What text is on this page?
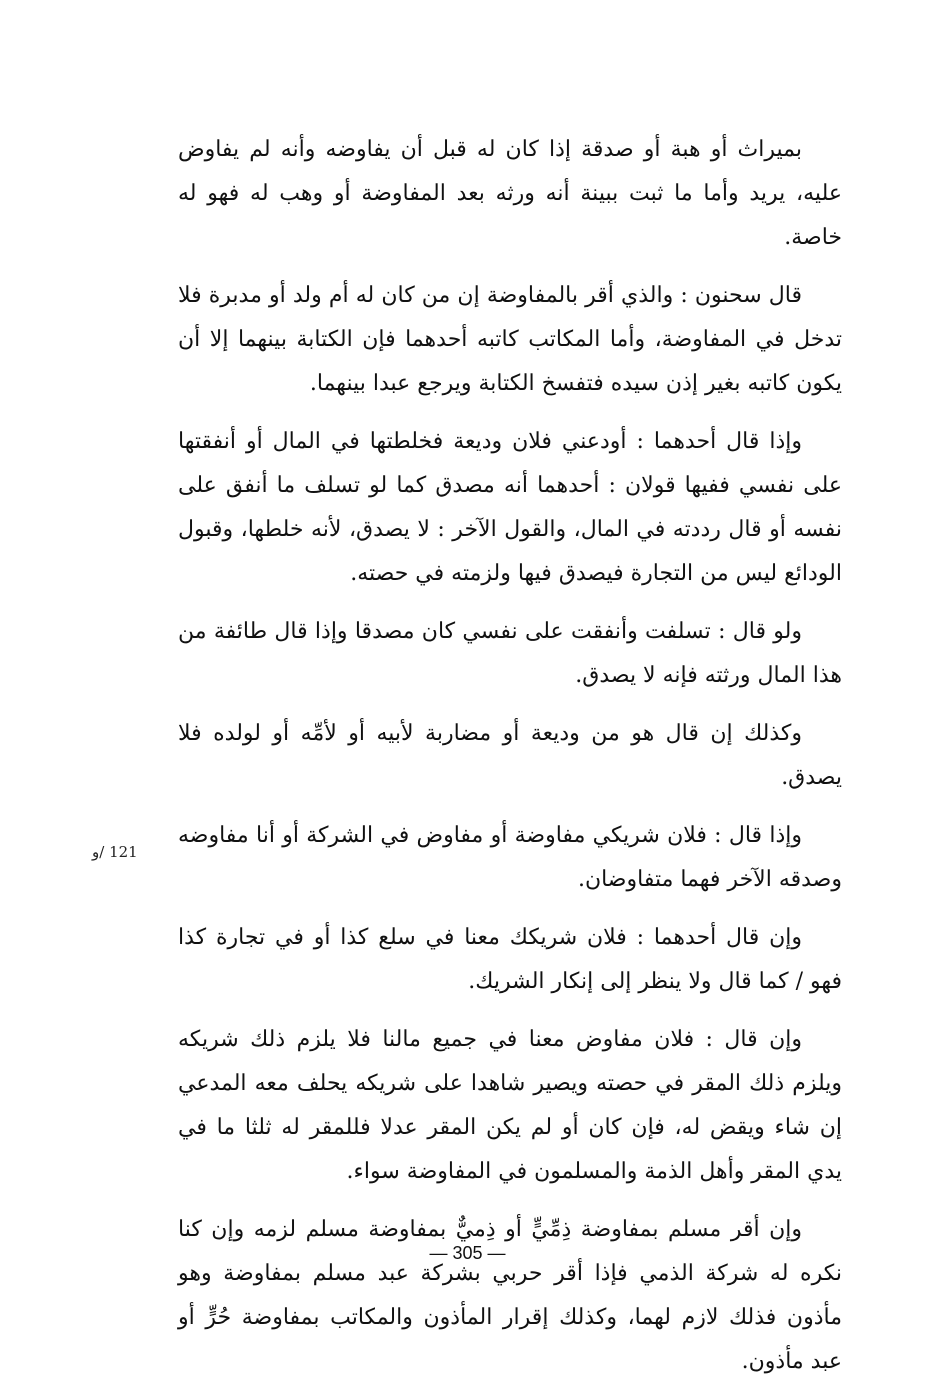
بميراث أو هبة أو صدقة إذا كان له قبل أن يفاوضه وأنه لم يفاوض عليه، يريد وأما ما ثبت ببينة أنه ورثه بعد المفاوضة أو وهب له فهو له خاصة.

قال سحنون : والذي أقر بالمفاوضة إن من كان له أم ولد أو مدبرة فلا تدخل في المفاوضة، وأما المكاتب كاتبه أحدهما فإن الكتابة بينهما إلا أن يكون كاتبه بغير إذن سيده فتفسخ الكتابة ويرجع عبدا بينهما.

وإذا قال أحدهما : أودعني فلان وديعة فخلطتها في المال أو أنفقتها على نفسي ففيها قولان : أحدهما أنه مصدق كما لو تسلف ما أنفق على نفسه أو قال رددته في المال، والقول الآخر : لا يصدق، لأنه خلطها، وقبول الودائع ليس من التجارة فيصدق فيها ولزمته في حصته.

ولو قال : تسلفت وأنفقت على نفسي كان مصدقا وإذا قال طائفة من هذا المال ورثته فإنه لا يصدق.

وكذلك إن قال هو من وديعة أو مضاربة لأبيه أو لأمِّه أو لولده فلا يصدق.

وإذا قال : فلان شريكي مفاوضة أو مفاوض في الشركة أو أنا مفاوضه وصدقه الآخر فهما متفاوضان.

وإن قال أحدهما : فلان شريكك معنا في سلع كذا أو في تجارة كذا فهو / كما قال ولا ينظر إلى إنكار الشريك.

وإن قال : فلان مفاوض معنا في جميع مالنا فلا يلزم ذلك شريكه ويلزم ذلك المقر في حصته ويصير شاهدا على شريكه يحلف معه المدعي إن شاء ويقض له، فإن كان أو لم يكن المقر عدلا فللمقر له ثلثا ما في يدي المقر وأهل الذمة والمسلمون في المفاوضة سواء.

وإن أقر مسلم بمفاوضة ذِمِّيٍّ أو ذِميٌّ بمفاوضة مسلم لزمه وإن كنا نكره له شركة الذمي فإذا أقر حربي بشركة عبد مسلم بمفاوضة وهو مأذون فذلك لازم لهما، وكذلك إقرار المأذون والمكاتب بمفاوضة حُرٍّ أو عبد مأذون.

121 /و
— 305 —
